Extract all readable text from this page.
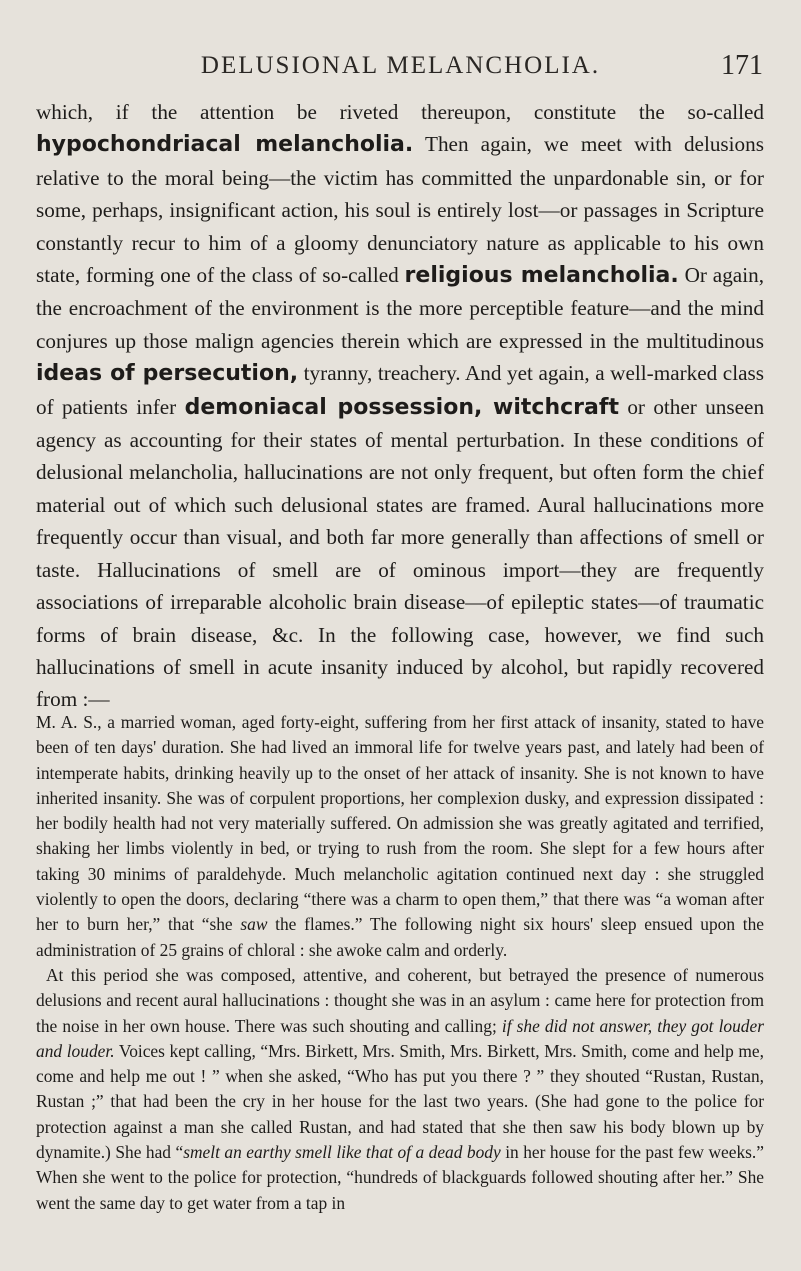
DELUSIONAL MELANCHOLIA.	171

which, if the attention be riveted thereupon, constitute the so-called hypochondriacal melancholia. Then again, we meet with delusions relative to the moral being—the victim has committed the unpardonable sin, or for some, perhaps, insignificant action, his soul is entirely lost—or passages in Scripture constantly recur to him of a gloomy denunciatory nature as applicable to his own state, forming one of the class of so-called religious melancholia. Or again, the encroachment of the environment is the more perceptible feature—and the mind conjures up those malign agencies therein which are expressed in the multitudinous ideas of persecution, tyranny, treachery. And yet again, a well-marked class of patients infer demoniacal possession, witchcraft or other unseen agency as accounting for their states of mental perturbation. In these conditions of delusional melancholia, hallucinations are not only frequent, but often form the chief material out of which such delusional states are framed. Aural hallucinations more frequently occur than visual, and both far more generally than affections of smell or taste. Hallucinations of smell are of ominous import—they are frequently associations of irreparable alcoholic brain disease—of epileptic states—of traumatic forms of brain disease, &c. In the following case, however, we find such hallucinations of smell in acute insanity induced by alcohol, but rapidly recovered from :—

M. A. S., a married woman, aged forty-eight, suffering from her first attack of insanity, stated to have been of ten days' duration. She had lived an immoral life for twelve years past, and lately had been of intemperate habits, drinking heavily up to the onset of her attack of insanity. She is not known to have inherited insanity. She was of corpulent proportions, her complexion dusky, and expression dissipated : her bodily health had not very materially suffered. On admission she was greatly agitated and terrified, shaking her limbs violently in bed, or trying to rush from the room. She slept for a few hours after taking 30 minims of paraldehyde. Much melancholic agitation continued next day : she struggled violently to open the doors, declaring “there was a charm to open them,” that there was “a woman after her to burn her,” that “she saw the flames.” The following night six hours' sleep ensued upon the administration of 25 grains of chloral : she awoke calm and orderly.

At this period she was composed, attentive, and coherent, but betrayed the presence of numerous delusions and recent aural hallucinations : thought she was in an asylum : came here for protection from the noise in her own house. There was such shouting and calling; if she did not answer, they got louder and louder. Voices kept calling, “Mrs. Birkett, Mrs. Smith, Mrs. Birkett, Mrs. Smith, come and help me, come and help me out ! ” when she asked, “Who has put you there ? ” they shouted “Rustan, Rustan, Rustan ;” that had been the cry in her house for the last two years. (She had gone to the police for protection against a man she called Rustan, and had stated that she then saw his body blown up by dynamite.) She had “smelt an earthy smell like that of a dead body in her house for the past few weeks.” When she went to the police for protection, “hundreds of blackguards followed shouting after her.” She went the same day to get water from a tap in
